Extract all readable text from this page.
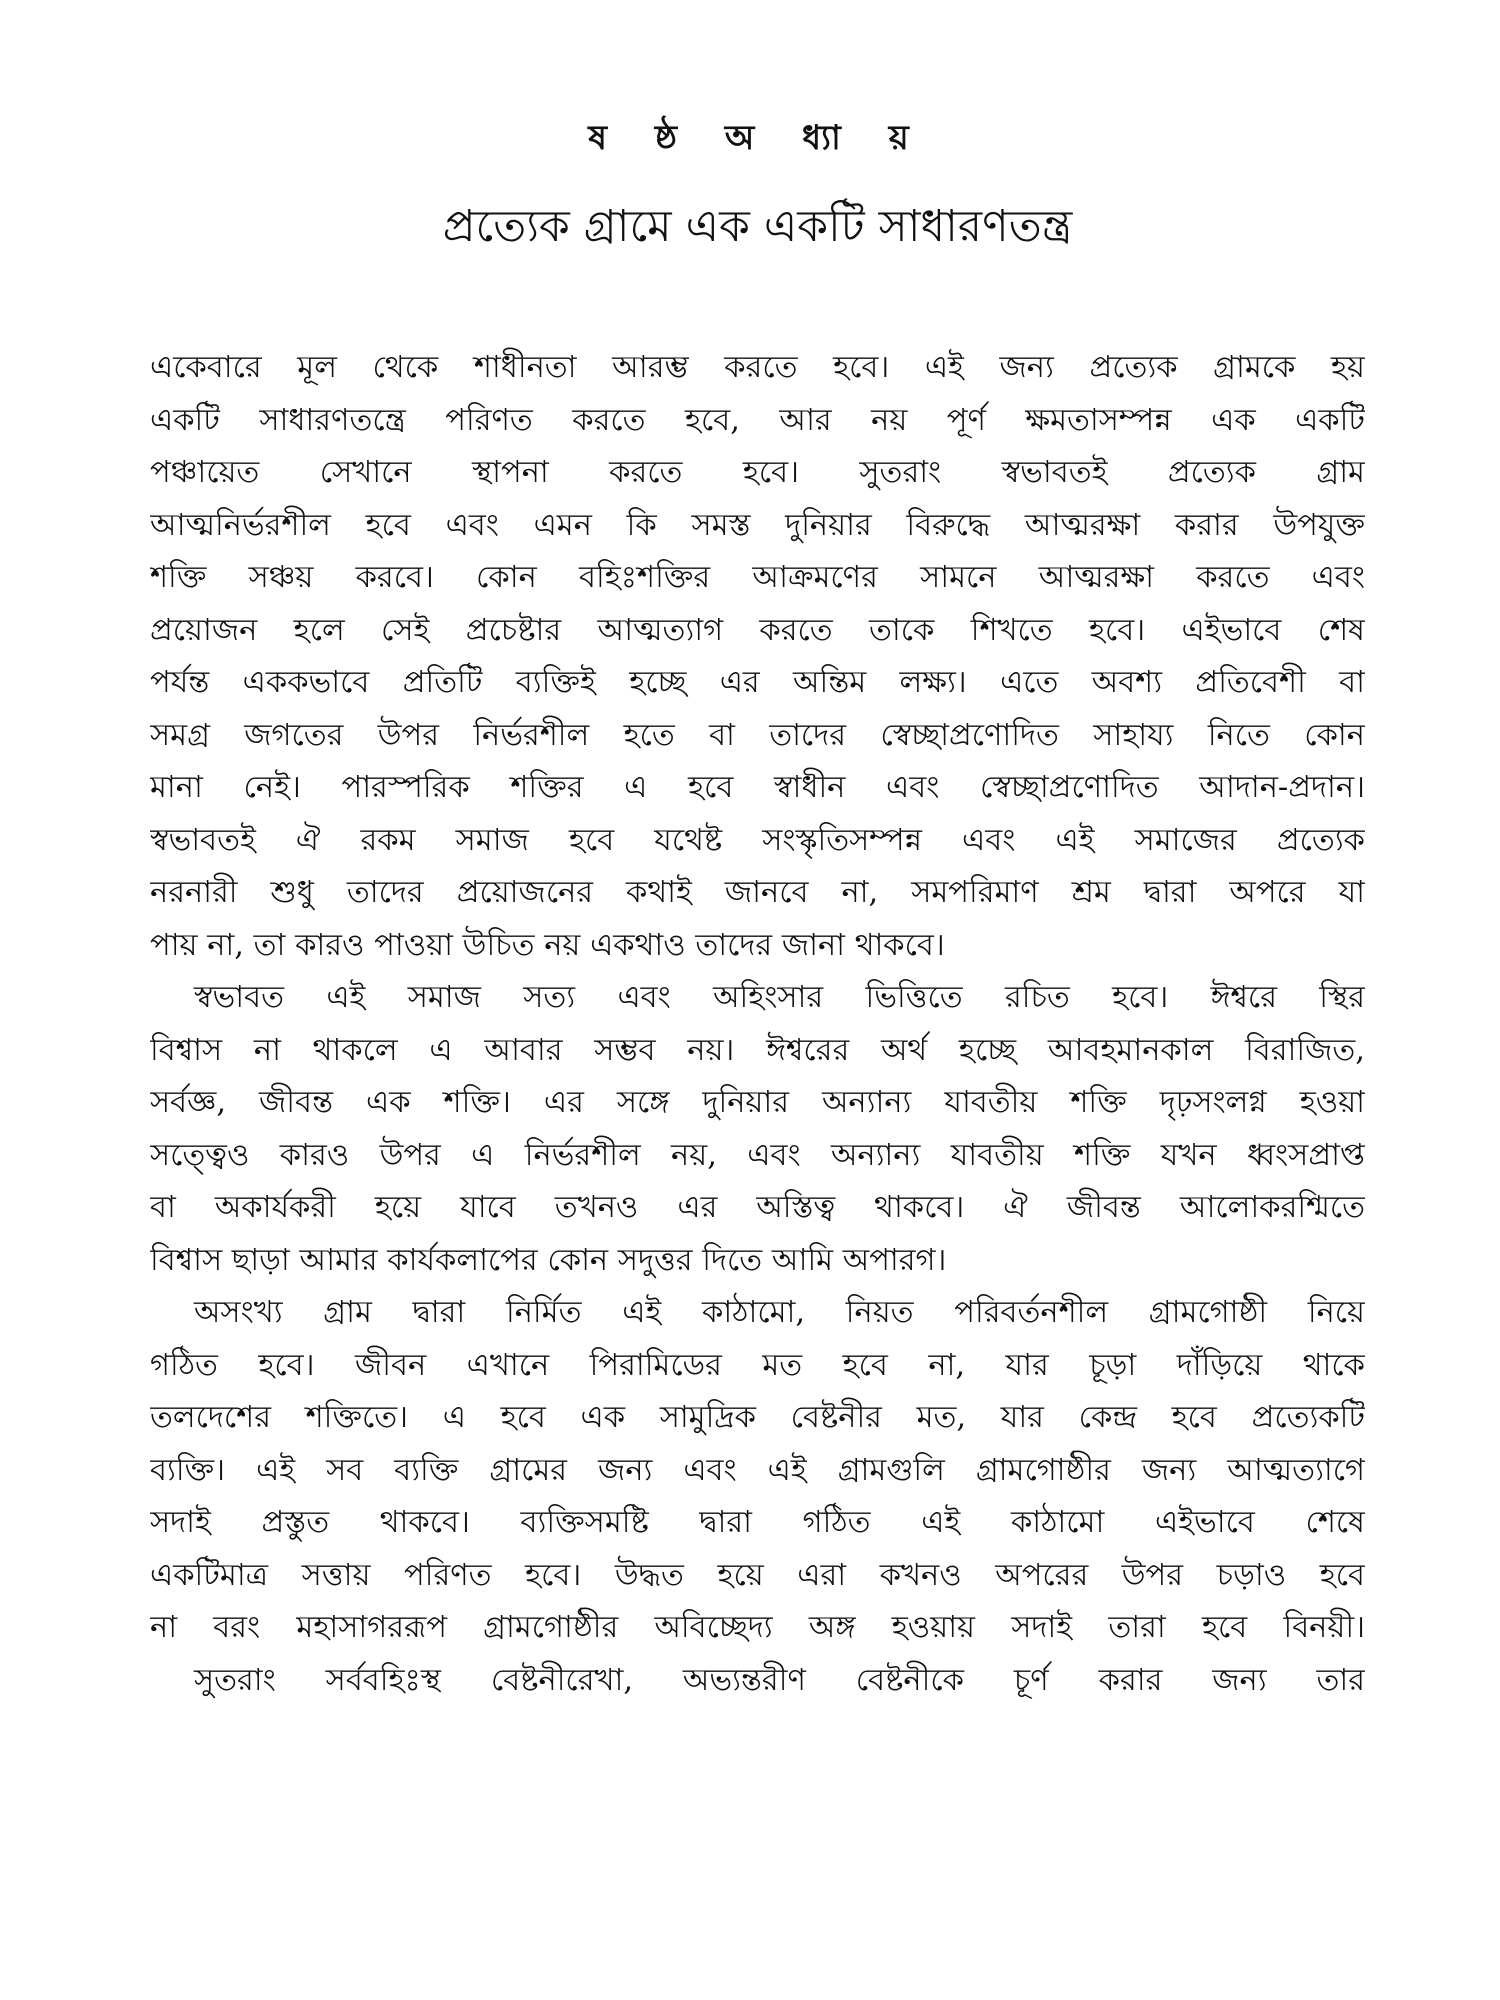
ষ ষ্ঠ অ ধ্যা য়
প্রত্যেক গ্রামে এক একটি সাধারণতন্ত্র

একেবারে মূল থেকে শাধীনতা আরম্ভ করতে হবে। এই জন্য প্রত্যেক গ্রামকে হয়
একটি সাধারণতন্ত্রে পরিণত করতে হবে, আর নয় পূর্ণ ক্ষমতাসম্পন্ন এক একটি
পঞ্চায়েত সেখানে স্থাপনা করতে হবে। সুতরাং স্বভাবতই প্রত্যেক গ্রাম
আত্মনির্ভরশীল হবে এবং এমন কি সমস্ত দুনিয়ার বিরুদ্ধে আত্মরক্ষা করার উপযুক্ত
শক্তি সঞ্চয় করবে। কোন বহিঃশক্তির আক্রমণের সামনে আত্মরক্ষা করতে এবং
প্রয়োজন হলে সেই প্রচেষ্টার আত্মত্যাগ করতে তাকে শিখতে হবে। এইভাবে শেষ
পর্যন্ত এককভাবে প্রতিটি ব্যক্তিই হচ্ছে এর অন্তিম লক্ষ্য। এতে অবশ্য প্রতিবেশী বা
সমগ্র জগতের উপর নির্ভরশীল হতে বা তাদের স্বেচ্ছাপ্রণোদিত সাহায্য নিতে কোন
মানা নেই। পারস্পরিক শক্তির এ হবে স্বাধীন এবং স্বেচ্ছাপ্রণোদিত আদান-প্রদান।
স্বভাবতই ঐ রকম সমাজ হবে যথেষ্ট সংস্কৃতিসম্পন্ন এবং এই সমাজের প্রত্যেক
নরনারী শুধু তাদের প্রয়োজনের কথাই জানবে না, সমপরিমাণ শ্রম দ্বারা অপরে যা
পায় না, তা কারও পাওয়া উচিত নয় একথাও তাদের জানা থাকবে।

স্বভাবত এই সমাজ সত্য এবং অহিংসার ভিত্তিতে রচিত হবে। ঈশ্বরে স্থির
বিশ্বাস না থাকলে এ আবার সম্ভব নয়। ঈশ্বরের অর্থ হচ্ছে আবহমানকাল বিরাজিত,
সর্বজ্ঞ, জীবন্ত এক শক্তি। এর সঙ্গে দুনিয়ার অন্যান্য যাবতীয় শক্তি দৃঢ়সংলগ্ন হওয়া
সত্ত্বেও কারও উপর এ নির্ভরশীল নয়, এবং অন্যান্য যাবতীয় শক্তি যখন ধ্বংসপ্রাপ্ত
বা অকার্যকরী হয়ে যাবে তখনও এর অস্তিত্ব থাকবে। ঐ জীবন্ত আলোকরশ্মিতে
বিশ্বাস ছাড়া আমার কার্যকলাপের কোন সদুত্তর দিতে আমি অপারগ।

অসংখ্য গ্রাম দ্বারা নির্মিত এই কাঠামো, নিয়ত পরিবর্তনশীল গ্রামগোষ্ঠী নিয়ে
গঠিত হবে। জীবন এখানে পিরামিডের মত হবে না, যার চূড়া দাঁড়িয়ে থাকে
তলদেশের শক্তিতে। এ হবে এক সামুদ্রিক বেষ্টনীর মত, যার কেন্দ্র হবে প্রত্যেকটি
ব্যক্তি। এই সব ব্যক্তি গ্রামের জন্য এবং এই গ্রামগুলি গ্রামগোষ্ঠীর জন্য আত্মত্যাগে
সদাই প্রস্তুত থাকবে। ব্যক্তিসমষ্টি দ্বারা গঠিত এই কাঠামো এইভাবে শেষে
একটিমাত্র সত্তায় পরিণত হবে। উদ্ধত হয়ে এরা কখনও অপরের উপর চড়াও হবে
না বরং মহাসাগররূপ গ্রামগোষ্ঠীর অবিচ্ছেদ্য অঙ্গ হওয়ায় সদাই তারা হবে বিনয়ী।

সুতরাং সর্ববহিঃস্থ বেষ্টনীরেখা, অভ্যন্তরীণ বেষ্টনীকে চূর্ণ করার জন্য তার
